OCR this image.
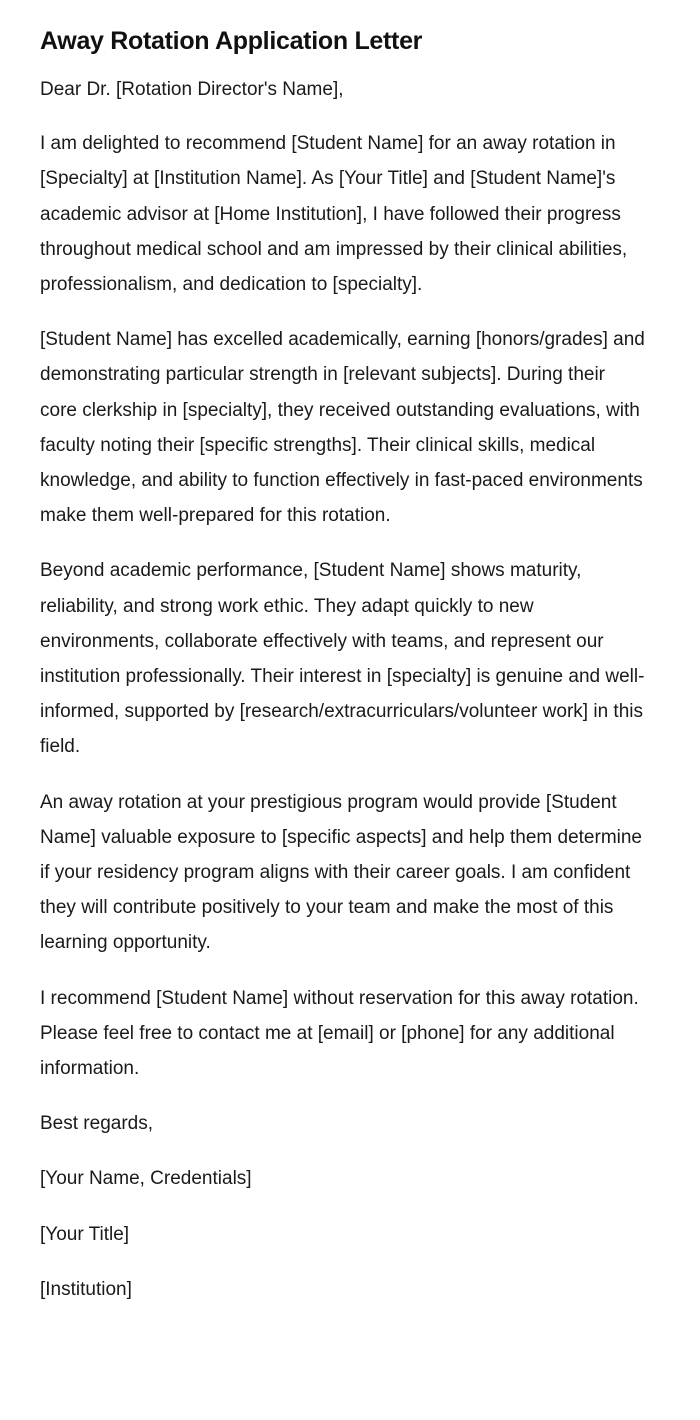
Away Rotation Application Letter

Dear Dr. [Rotation Director's Name],

I am delighted to recommend [Student Name] for an away rotation in [Specialty] at [Institution Name]. As [Your Title] and [Student Name]'s academic advisor at [Home Institution], I have followed their progress throughout medical school and am impressed by their clinical abilities, professionalism, and dedication to [specialty].

[Student Name] has excelled academically, earning [honors/grades] and demonstrating particular strength in [relevant subjects]. During their core clerkship in [specialty], they received outstanding evaluations, with faculty noting their [specific strengths]. Their clinical skills, medical knowledge, and ability to function effectively in fast-paced environments make them well-prepared for this rotation.

Beyond academic performance, [Student Name] shows maturity, reliability, and strong work ethic. They adapt quickly to new environments, collaborate effectively with teams, and represent our institution professionally. Their interest in [specialty] is genuine and well-informed, supported by [research/extracurriculars/volunteer work] in this field.

An away rotation at your prestigious program would provide [Student Name] valuable exposure to [specific aspects] and help them determine if your residency program aligns with their career goals. I am confident they will contribute positively to your team and make the most of this learning opportunity.

I recommend [Student Name] without reservation for this away rotation. Please feel free to contact me at [email] or [phone] for any additional information.

Best regards,

[Your Name, Credentials]

[Your Title]

[Institution]
